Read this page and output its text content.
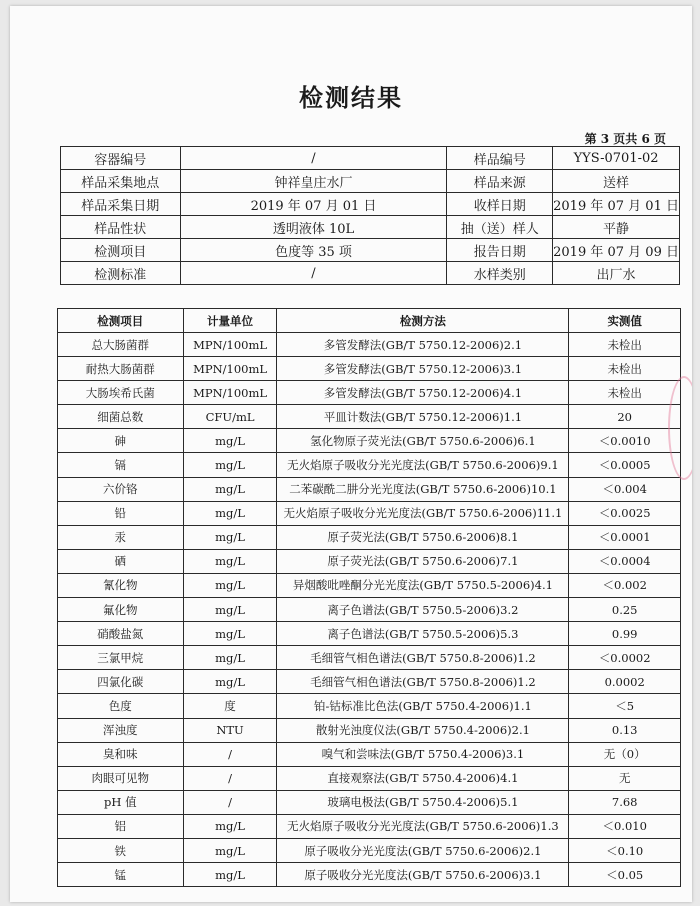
检测结果
第 3 页共 6 页
容器编号	/	样品编号	YYS-0701-02
样品采集地点	钟祥皇庄水厂	样品来源	送样
样品采集日期	2019 年 07 月 01 日	收样日期	2019 年 07 月 01 日
样品性状	透明液体 10L	抽（送）样人	平静
检测项目	色度等 35 项	报告日期	2019 年 07 月 09 日
检测标准	/	水样类别	出厂水
检测项目	计量单位	检测方法	实测值
总大肠菌群	MPN/100mL	多管发酵法(GB/T 5750.12-2006)2.1	未检出
耐热大肠菌群	MPN/100mL	多管发酵法(GB/T 5750.12-2006)3.1	未检出
大肠埃希氏菌	MPN/100mL	多管发酵法(GB/T 5750.12-2006)4.1	未检出
细菌总数	CFU/mL	平皿计数法(GB/T 5750.12-2006)1.1	20
砷	mg/L	氢化物原子荧光法(GB/T 5750.6-2006)6.1	＜0.0010
镉	mg/L	无火焰原子吸收分光光度法(GB/T 5750.6-2006)9.1	＜0.0005
六价铬	mg/L	二苯碳酰二肼分光光度法(GB/T 5750.6-2006)10.1	＜0.004
铅	mg/L	无火焰原子吸收分光光度法(GB/T 5750.6-2006)11.1	＜0.0025
汞	mg/L	原子荧光法(GB/T 5750.6-2006)8.1	＜0.0001
硒	mg/L	原子荧光法(GB/T 5750.6-2006)7.1	＜0.0004
氰化物	mg/L	异烟酸吡唑酮分光光度法(GB/T 5750.5-2006)4.1	＜0.002
氟化物	mg/L	离子色谱法(GB/T 5750.5-2006)3.2	0.25
硝酸盐氮	mg/L	离子色谱法(GB/T 5750.5-2006)5.3	0.99
三氯甲烷	mg/L	毛细管气相色谱法(GB/T 5750.8-2006)1.2	＜0.0002
四氯化碳	mg/L	毛细管气相色谱法(GB/T 5750.8-2006)1.2	0.0002
色度	度	铂-钴标准比色法(GB/T 5750.4-2006)1.1	＜5
浑浊度	NTU	散射光浊度仪法(GB/T 5750.4-2006)2.1	0.13
臭和味	/	嗅气和尝味法(GB/T 5750.4-2006)3.1	无（0）
肉眼可见物	/	直接观察法(GB/T 5750.4-2006)4.1	无
pH 值	/	玻璃电极法(GB/T 5750.4-2006)5.1	7.68
铝	mg/L	无火焰原子吸收分光光度法(GB/T 5750.6-2006)1.3	＜0.010
铁	mg/L	原子吸收分光光度法(GB/T 5750.6-2006)2.1	＜0.10
锰	mg/L	原子吸收分光光度法(GB/T 5750.6-2006)3.1	＜0.05
